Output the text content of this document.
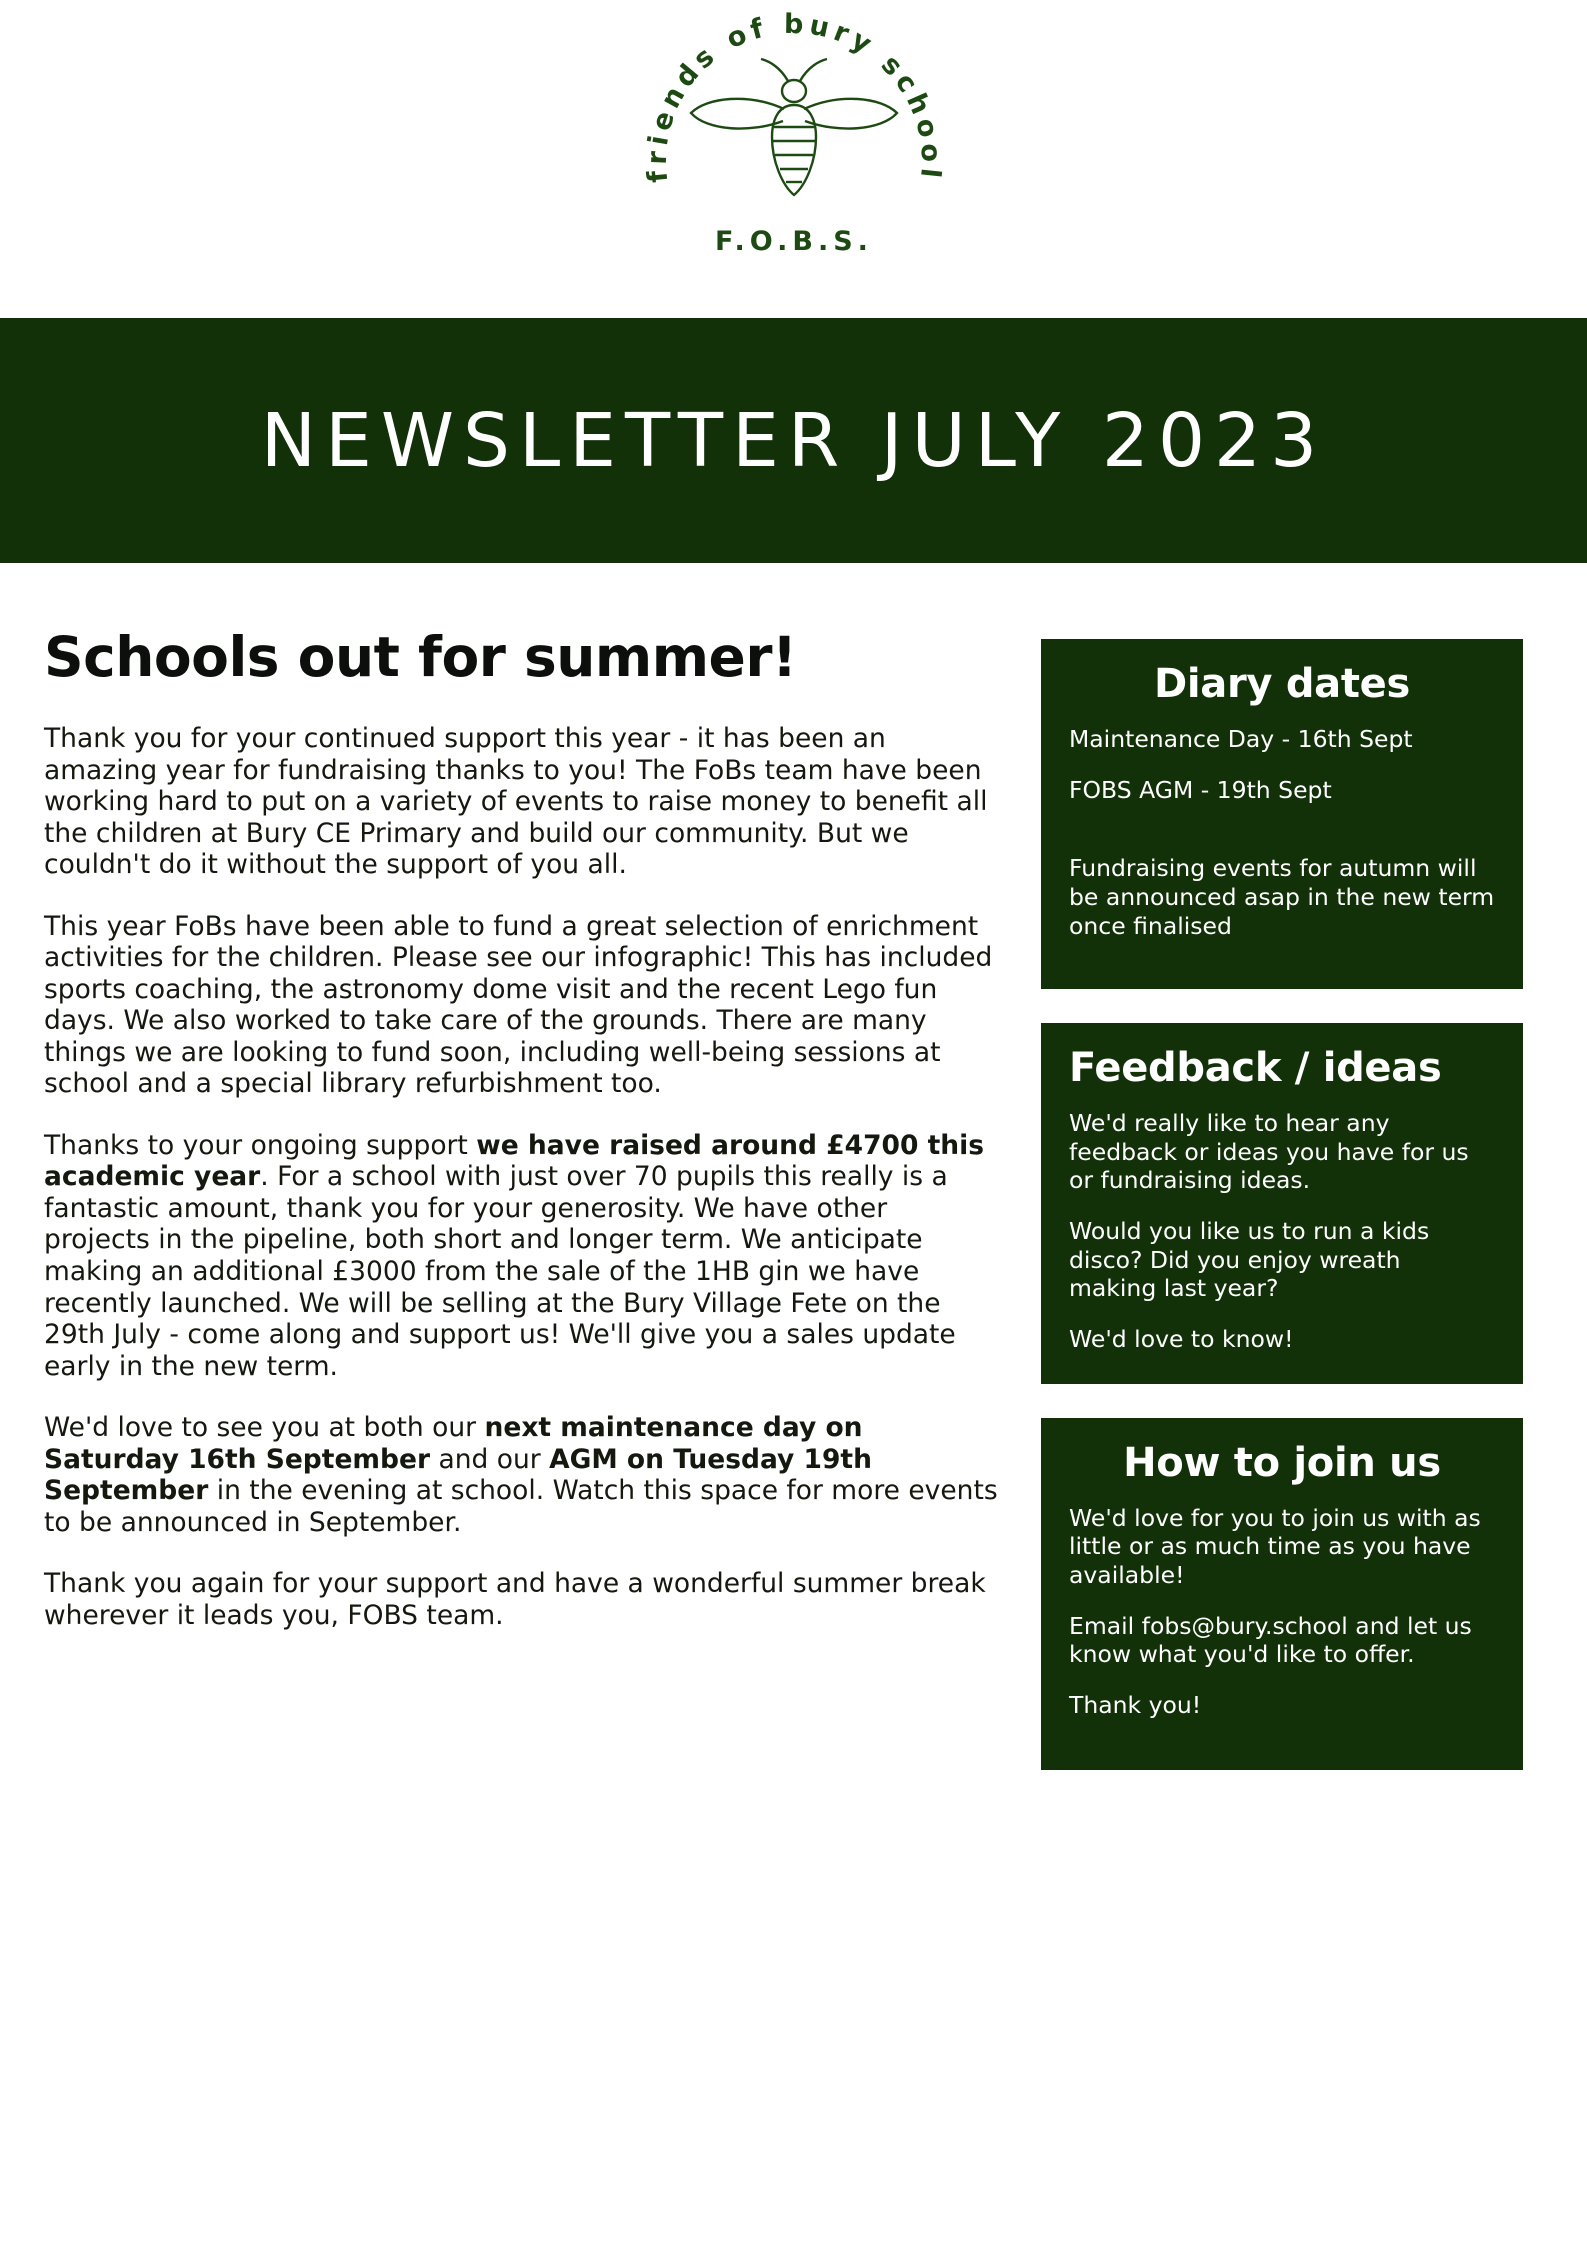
friends of bury school
F.O.B.S.
NEWSLETTER JULY 2023
Schools out for summer!

Thank you for your continued support this year - it has been an amazing year for fundraising thanks to you! The FoBs team have been working hard to put on a variety of events to raise money to benefit all the children at Bury CE Primary and build our community. But we couldn't do it without the support of you all.

This year FoBs have been able to fund a great selection of enrichment activities for the children. Please see our infographic! This has included sports coaching, the astronomy dome visit and the recent Lego fun days. We also worked to take care of the grounds. There are many things we are looking to fund soon, including well-being sessions at school and a special library refurbishment too.

Thanks to your ongoing support we have raised around £4700 this academic year. For a school with just over 70 pupils this really is a fantastic amount, thank you for your generosity. We have other projects in the pipeline, both short and longer term. We anticipate making an additional £3000 from the sale of the 1HB gin we have recently launched. We will be selling at the Bury Village Fete on the 29th July - come along and support us! We'll give you a sales update early in the new term.

We'd love to see you at both our next maintenance day on Saturday 16th September and our AGM on Tuesday 19th September in the evening at school. Watch this space for more events to be announced in September.

Thank you again for your support and have a wonderful summer break wherever it leads you, FOBS team.

Diary dates

Maintenance Day - 16th Sept

FOBS AGM - 19th Sept

Fundraising events for autumn will be announced asap in the new term once finalised

Feedback / ideas

We'd really like to hear any feedback or ideas you have for us or fundraising ideas.

Would you like us to run a kids disco? Did you enjoy wreath making last year?

We'd love to know!

How to join us

We'd love for you to join us with as little or as much time as you have available!

Email fobs@bury.school and let us know what you'd like to offer.

Thank you!
